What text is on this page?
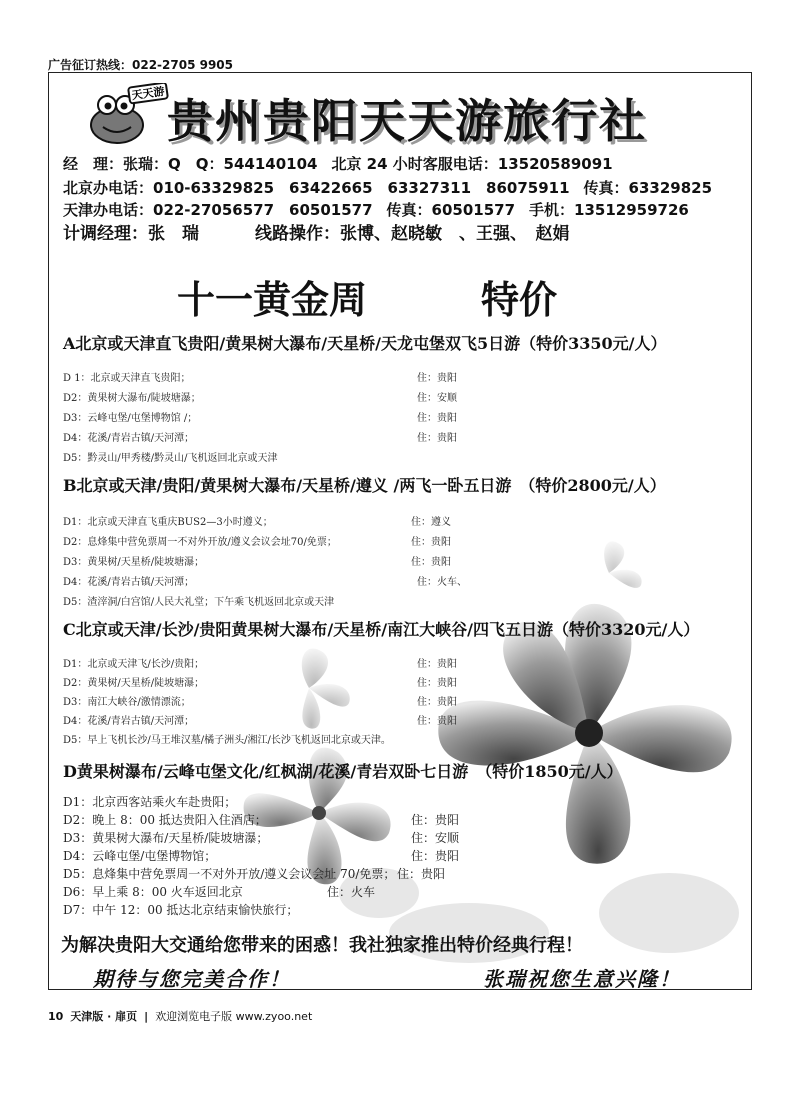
广告征订热线：022-2705 9905
天天游
贵州贵阳天天游旅行社
经　理：张瑞：Q　Q：544140104 北京 24 小时客服电话：13520589091
北京办电话：010-63329825　63422665　63327311　86075911 传真：63329825
天津办电话：022-27056577　60501577 传真：60501577 手机：13512959726
计调经理：张　瑞	线路操作：张博、赵晓敏　、王强、　赵娟
十一黄金周	特价
A北京或天津直飞贵阳/黄果树大瀑布/天星桥/天龙屯堡双飞5日游（特价3350元/人）
D 1：北京或天津直飞贵阳；	住：贵阳
D2：黄果树大瀑布/陡坡塘瀑；	住：安顺
D3：云峰屯堡/屯堡博物馆 /；	住：贵阳
D4：花溪/青岩古镇/天河潭；	住：贵阳
D5：黔灵山/甲秀楼/黔灵山/飞机返回北京或天津
B北京或天津/贵阳/黄果树大瀑布/天星桥/遵义 /两飞一卧五日游　（特价2800元/人）
D1：北京或天津直飞重庆BUS2—3小时遵义；	住：遵义
D2：息烽集中营免票周一不对外开放/遵义会议会址70/免票；	住：贵阳
D3：黄果树/天星桥/陡坡塘瀑；	住：贵阳
D4：花溪/青岩古镇/天河潭；	住：火车、
D5：渣滓洞/白宫馆/人民大礼堂；下午乘飞机返回北京或天津
C北京或天津/长沙/贵阳黄果树大瀑布/天星桥/南江大峡谷/四飞五日游（特价3320元/人）
D1：北京或天津飞/长沙/贵阳；	住：贵阳
D2：黄果树/天星桥/陡坡塘瀑；	住：贵阳
D3：南江大峡谷/激情漂流；	住：贵阳
D4：花溪/青岩古镇/天河潭；	住：贵阳
D5：早上飞机长沙/马王堆汉墓/橘子洲头/湘江/长沙飞机返回北京或天津。
D黄果树瀑布/云峰屯堡文化/红枫湖/花溪/青岩双卧七日游　（特价1850元/人）
D1：北京西客站乘火车赴贵阳；
D2：晚上 8：00 抵达贵阳入住酒店；	住：贵阳
D3：黄果树大瀑布/天星桥/陡坡塘瀑；	住：安顺
D4：云峰屯堡/屯堡博物馆；	住：贵阳
D5：息烽集中营免票周一不对外开放/遵义会议会址 70/免票； 住：贵阳
D6：早上乘 8：00 火车返回北京	住：火车
D7：中午 12：00 抵达北京结束愉快旅行；
为解决贵阳大交通给您带来的困惑！我社独家推出特价经典行程！
期待与您完美合作！	张瑞祝您生意兴隆！
10 天津版 · 扉页 | 欢迎浏览电子版 www.zyoo.net
